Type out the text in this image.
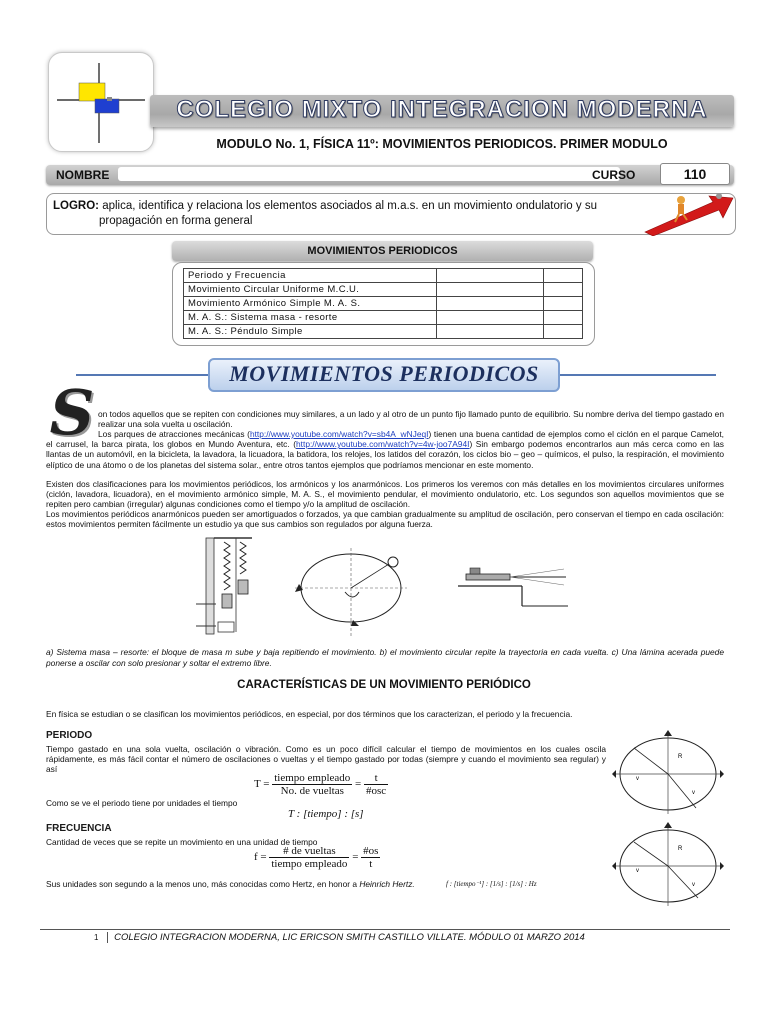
COLEGIO MIXTO INTEGRACION MODERNA
MODULO No. 1, FÍSICA 11º: MOVIMIENTOS PERIODICOS. PRIMER MODULO
NOMBRE	CURSO	110
LOGRO: aplica, identifica y relaciona los elementos asociados al m.a.s. en un movimiento ondulatorio y su
propagación en forma general
MOVIMIENTOS PERIODICOS
Periodo y Frecuencia		
Movimiento Circular Uniforme M.C.U.		
Movimiento Armónico Simple M. A. S.		
M. A. S.: Sistema masa - resorte		
M. A. S.: Péndulo Simple		
MOVIMIENTOS PERIODICOS
S on todos aquellos que se repiten con condiciones muy similares, a un lado y al otro de un punto fijo llamado punto de equilibrio. Su nombre deriva del tiempo gastado en realizar una sola vuelta u oscilación.
Los parques de atracciones mecánicas (http://www.youtube.com/watch?v=sb4A_wNJeqI) tienen una buena cantidad de ejemplos como el ciclón en el parque Camelot, el carrusel, la barca pirata, los globos en Mundo Aventura, etc. (http://www.youtube.com/watch?v=4w-joo7A94I) Sin embargo podemos encontrarlos aun más cerca como en las llantas de un automóvil, en la bicicleta, la lavadora, la licuadora, la batidora, los relojes, los latidos del corazón, los ciclos bio – geo – químicos, el pulso, la respiración, el movimiento elíptico de una átomo o de los planetas del sistema solar., entre otros tantos ejemplos que podríamos mencionar en este momento.
Existen dos clasificaciones para los movimientos periódicos, los armónicos y los anarmónicos. Los primeros los veremos con más detalles en los movimientos circulares uniformes (ciclón, lavadora, licuadora), en el movimiento armónico simple, M. A. S., el movimiento pendular, el movimiento ondulatorio, etc. Los segundos son aquellos movimientos que se repiten pero cambian (irregular) algunas condiciones como el tiempo y/o la amplitud de oscilación.
Los movimientos periódicos anarmónicos pueden ser amortiguados o forzados, ya que cambian gradualmente su amplitud de oscilación, pero conservan el tiempo en cada oscilación: estos movimientos permiten fácilmente un estudio ya que sus cambios son regulados por alguna fuerza.
a) Sistema masa – resorte: el bloque de masa m sube y baja repitiendo el movimiento. b) el movimiento circular repite la trayectoria en cada vuelta. c) Una lámina acerada puede ponerse a oscilar con solo presionar y soltar el extremo libre.
CARACTERÍSTICAS DE UN MOVIMIENTO PERIÓDICO
En física se estudian o se clasifican los movimientos periódicos, en especial, por dos términos que los caracterizan, el periodo y la frecuencia.
PERIODO
Tiempo gastado en una sola vuelta, oscilación o vibración. Como es un poco difícil calcular el tiempo de movimientos en los cuales oscila rápidamente, es más fácil contar el número de oscilaciones o vueltas y el tiempo gastado por todas (siempre y cuando el movimiento sea regular) y así
$T = \frac{\text{tiempo empleado}}{\text{No. de vueltas}} = \frac{t}{\text{\#osc}}$
Como se ve el periodo tiene por unidades el tiempo
T : [tiempo] : [s]
FRECUENCIA
Cantidad de veces que se repite un movimiento en una unidad de tiempo
$f = \frac{\text{\# de vueltas}}{\text{tiempo empleado}} = \frac{\#os}{t}$
Sus unidades son segundo a la menos uno, más conocidas como Hertz, en honor a Heinrich Hertz.	f : [tiempo⁻¹] : [1/s] : [1/s] : Hz
R
v
v
R
v
v
1 COLEGIO INTEGRACION MODERNA, LIC ERICSON SMITH CASTILLO VILLATE. MÓDULO 01 MARZO 2014
